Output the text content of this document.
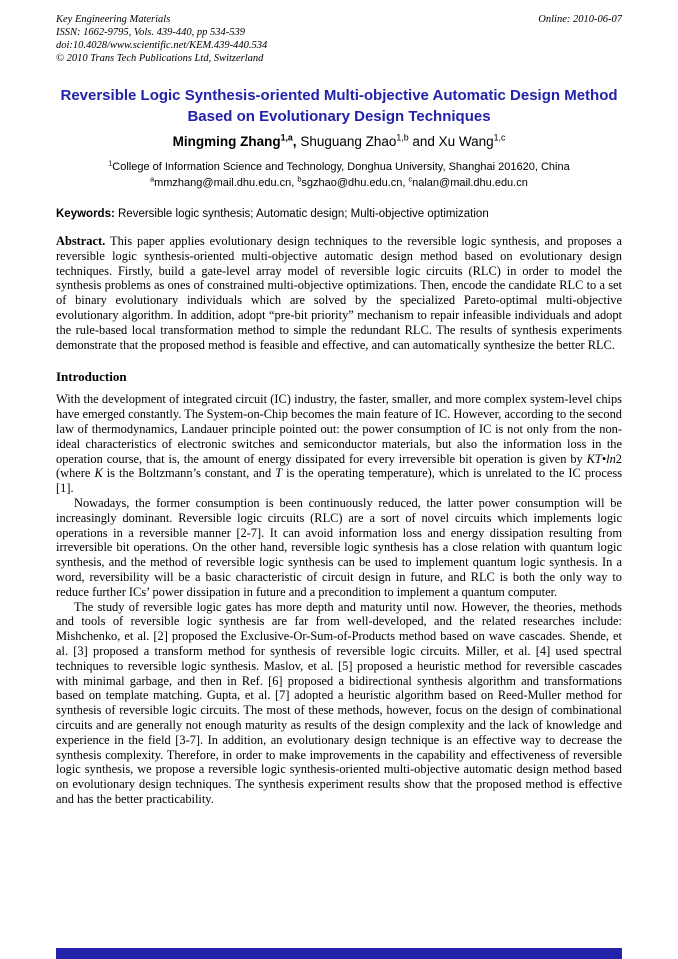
Key Engineering Materials
ISSN: 1662-9795, Vols. 439-440, pp 534-539
doi:10.4028/www.scientific.net/KEM.439-440.534
© 2010 Trans Tech Publications Ltd, Switzerland
Online: 2010-06-07
Reversible Logic Synthesis-oriented Multi-objective Automatic Design Method Based on Evolutionary Design Techniques
Mingming Zhang$^{1,a}$, Shuguang Zhao$^{1,b}$ and Xu Wang$^{1,c}$
$^1$College of Information Science and Technology, Donghua University, Shanghai 201620, China
$^a$mmzhang@mail.dhu.edu.cn, $^b$sgzhao@dhu.edu.cn, $^c$nalan@mail.dhu.edu.cn

Keywords: Reversible logic synthesis; Automatic design; Multi-objective optimization

Abstract. This paper applies evolutionary design techniques to the reversible logic synthesis, and proposes a reversible logic synthesis-oriented multi-objective automatic design method based on evolutionary design techniques. Firstly, build a gate-level array model of reversible logic circuits (RLC) in order to model the synthesis problems as ones of constrained multi-objective optimizations. Then, encode the candidate RLC to a set of binary evolutionary individuals which are solved by the specialized Pareto-optimal multi-objective evolutionary algorithm. In addition, adopt “pre-bit priority” mechanism to repair infeasible individuals and adopt the rule-based local transformation method to simple the redundant RLC. The results of synthesis experiments demonstrate that the proposed method is feasible and effective, and can automatically synthesize the better RLC.

Introduction

With the development of integrated circuit (IC) industry, the faster, smaller, and more complex system-level chips have emerged constantly. The System-on-Chip becomes the main feature of IC. However, according to the second law of thermodynamics, Landauer principle pointed out: the power consumption of IC is not only from the non-ideal characteristics of electronic switches and semiconductor materials, but also the information loss in the operation course, that is, the amount of energy dissipated for every irreversible bit operation is given by KT•ln2 (where K is the Boltzmann’s constant, and T is the operating temperature), which is unrelated to the IC process [1].

Nowadays, the former consumption is been continuously reduced, the latter power consumption will be increasingly dominant. Reversible logic circuits (RLC) are a sort of novel circuits which implements logic operations in a reversible manner [2-7]. It can avoid information loss and energy dissipation resulting from irreversible bit operations. On the other hand, reversible logic synthesis has a close relation with quantum logic synthesis, and the method of reversible logic synthesis can be used to implement quantum logic synthesis. In a word, reversibility will be a basic characteristic of circuit design in future, and RLC is both the only way to reduce further ICs’ power dissipation in future and a precondition to implement a quantum computer.

The study of reversible logic gates has more depth and maturity until now. However, the theories, methods and tools of reversible logic synthesis are far from well-developed, and the related researches include: Mishchenko, et al. [2] proposed the Exclusive-Or-Sum-of-Products method based on wave cascades. Shende, et al. [3] proposed a transform method for synthesis of reversible logic circuits. Miller, et al. [4] used spectral techniques to reversible logic synthesis. Maslov, et al. [5] proposed a heuristic method for reversible cascades with minimal garbage, and then in Ref. [6] proposed a bidirectional synthesis algorithm and transformations based on template matching. Gupta, et al. [7] adopted a heuristic algorithm based on Reed-Muller method for synthesis of reversible logic circuits. The most of these methods, however, focus on the design of combinational circuits and are generally not enough maturity as results of the design complexity and the lack of knowledge and experience in the field [3-7]. In addition, an evolutionary design technique is an effective way to decrease the synthesis complexity. Therefore, in order to make improvements in the capability and effectiveness of reversible logic synthesis, we propose a reversible logic synthesis-oriented multi-objective automatic design method based on evolutionary design techniques. The synthesis experiment results show that the proposed method is effective and has the better practicability.
